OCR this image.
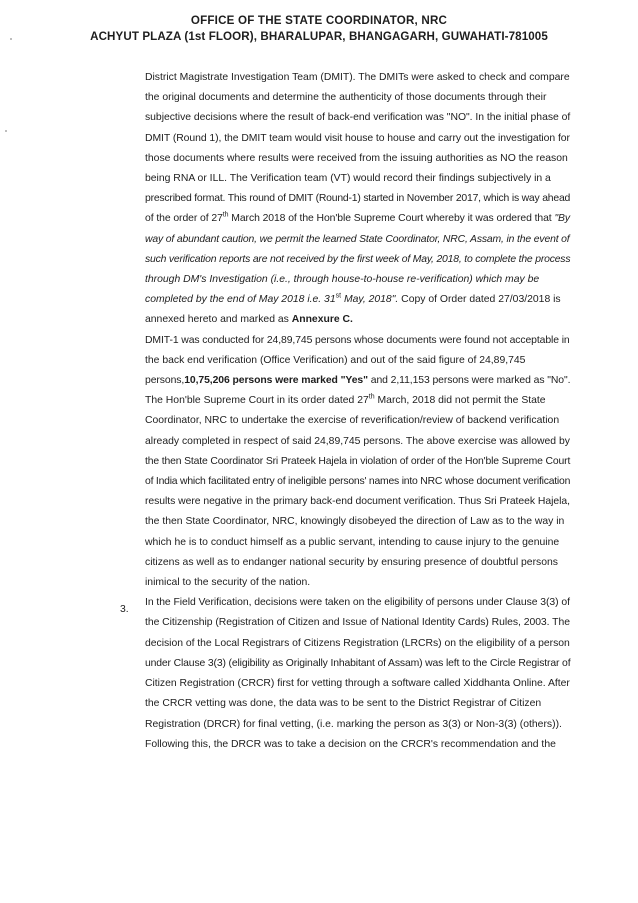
OFFICE OF THE STATE COORDINATOR, NRC
ACHYUT PLAZA (1st FLOOR), BHARALUPAR, BHANGAGARH, GUWAHATI-781005

District Magistrate Investigation Team (DMIT). The DMITs were asked to check and compare
the original documents and determine the authenticity of those documents through their
subjective decisions where the result of back-end verification was "NO". In the initial phase of
DMIT (Round 1), the DMIT team would visit house to house and carry out the investigation for
those documents where results were received from the issuing authorities as NO the reason
being RNA or ILL. The Verification team (VT) would record their findings subjectively in a
prescribed format. This round of DMIT (Round-1) started in November 2017, which is way ahead
of the order of 27th March 2018 of the Hon'ble Supreme Court whereby it was ordered that "By
way of abundant caution, we permit the learned State Coordinator, NRC, Assam, in the event of
such verification reports are not received by the first week of May, 2018, to complete the process
through DM's Investigation (i.e., through house-to-house re-verification) which may be
completed by the end of May 2018 i.e. 31st May, 2018". Copy of Order dated 27/03/2018 is
annexed hereto and marked as Annexure C.

DMIT-1 was conducted for 24,89,745 persons whose documents were found not acceptable in
the back end verification (Office Verification) and out of the said figure of 24,89,745
persons,10,75,206 persons were marked "Yes" and 2,11,153 persons were marked as "No".
The Hon'ble Supreme Court in its order dated 27th March, 2018 did not permit the State
Coordinator, NRC to undertake the exercise of reverification/review of backend verification
already completed in respect of said 24,89,745 persons. The above exercise was allowed by
the then State Coordinator Sri Prateek Hajela in violation of order of the Hon'ble Supreme Court
of India which facilitated entry of ineligible persons' names into NRC whose document verification
results were negative in the primary back-end document verification. Thus Sri Prateek Hajela,
the then State Coordinator, NRC, knowingly disobeyed the direction of Law as to the way in
which he is to conduct himself as a public servant, intending to cause injury to the genuine
citizens as well as to endanger national security by ensuring presence of doubtful persons
inimical to the security of the nation.

In the Field Verification, decisions were taken on the eligibility of persons under Clause 3(3) of
the Citizenship (Registration of Citizen and Issue of National Identity Cards) Rules, 2003. The
decision of the Local Registrars of Citizens Registration (LRCRs) on the eligibility of a person
under Clause 3(3) (eligibility as Originally Inhabitant of Assam) was left to the Circle Registrar of
Citizen Registration (CRCR) first for vetting through a software called Xiddhanta Online. After
the CRCR vetting was done, the data was to be sent to the District Registrar of Citizen
Registration (DRCR) for final vetting, (i.e. marking the person as 3(3) or Non-3(3) (others)).
Following this, the DRCR was to take a decision on the CRCR's recommendation and the

3.
